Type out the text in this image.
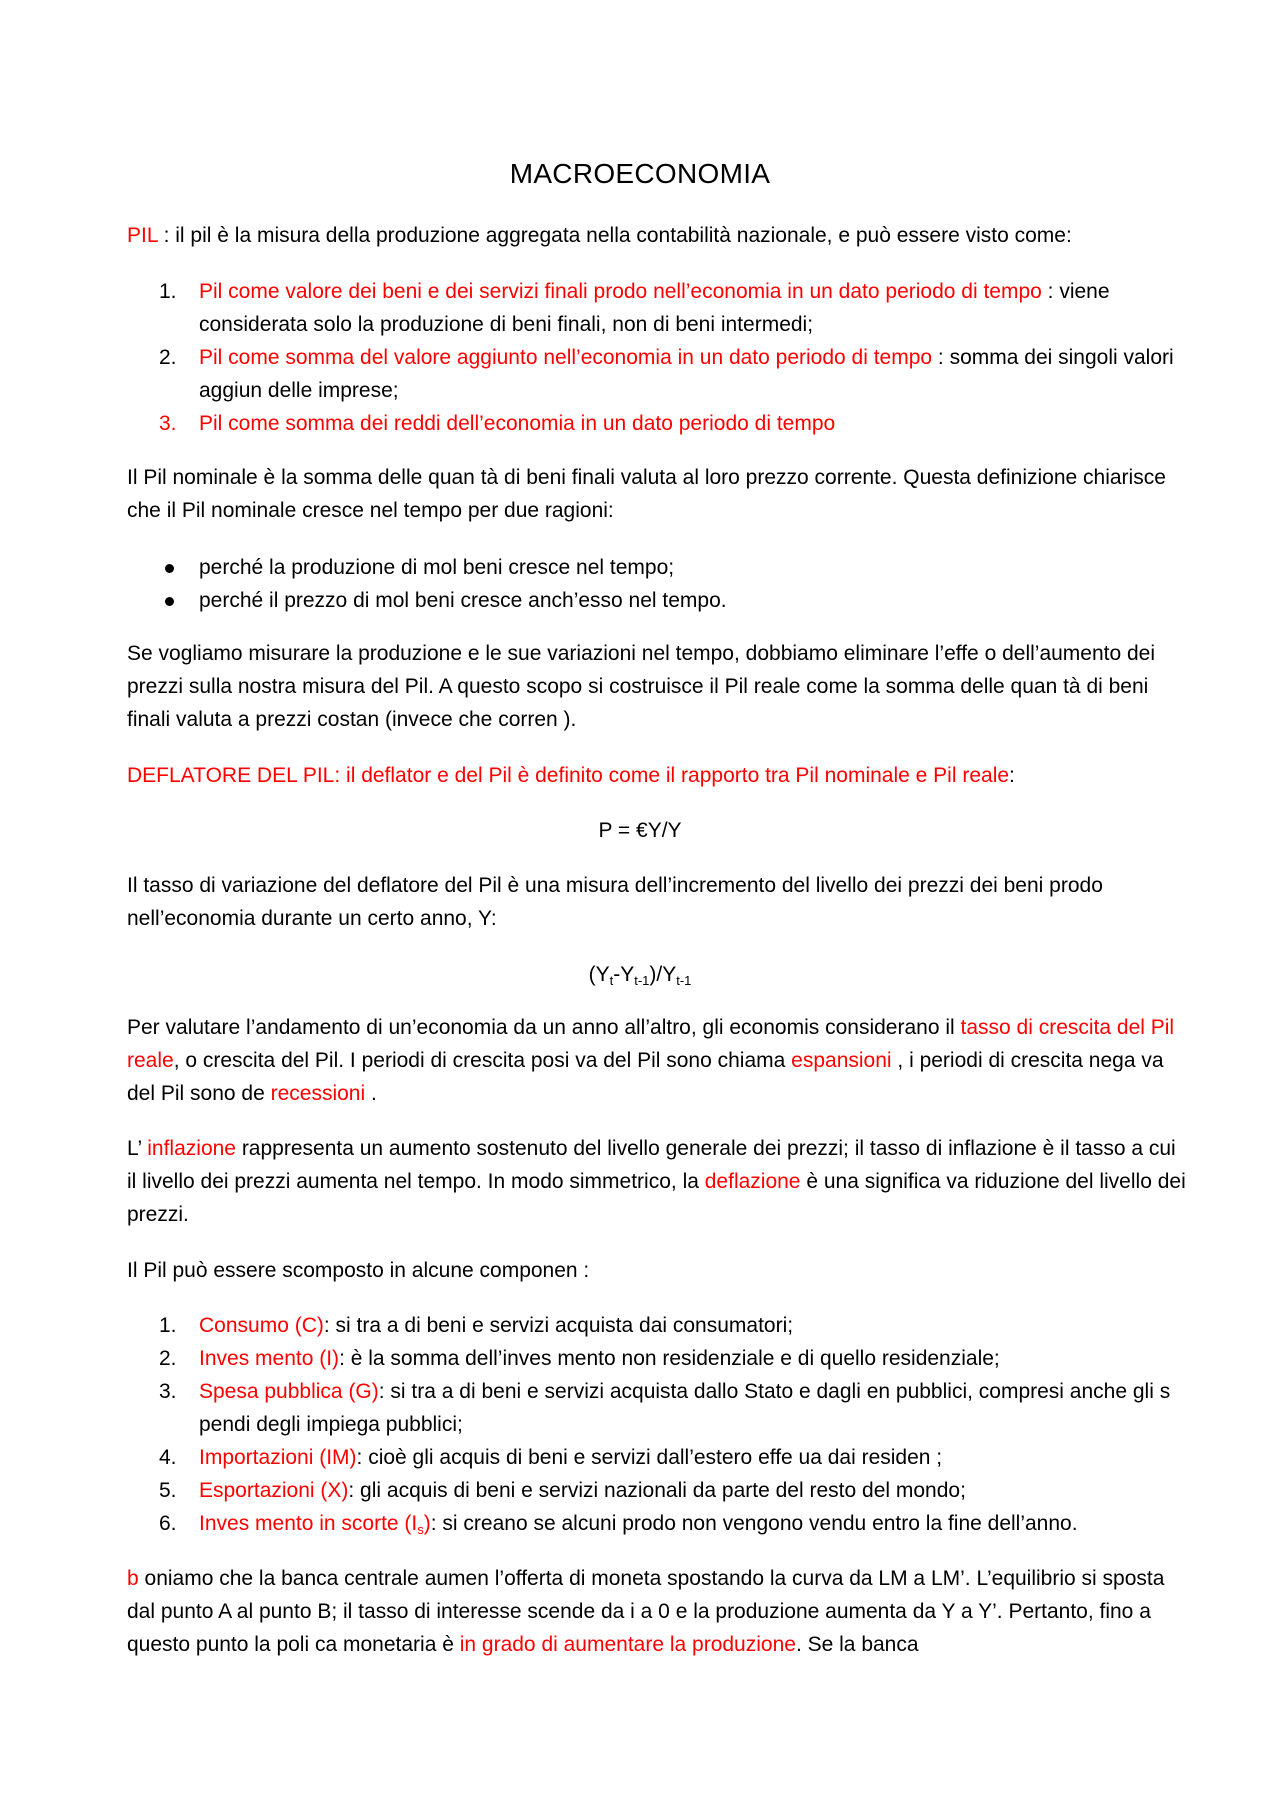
MACROECONOMIA

PIL : il pil è la misura della produzione aggregata nella contabilità nazionale, e può essere visto come:

1.	Pil come valore dei beni e dei servizi finali prodo nell’economia in un dato periodo di tempo : viene considerata solo la produzione di beni finali, non di beni intermedi;
2.	Pil come somma del valore aggiunto nell’economia in un dato periodo di tempo : somma dei singoli valori aggiun delle imprese;
3.	Pil come somma dei reddi dell’economia in un dato periodo di tempo

Il Pil nominale è la somma delle quan tà di beni finali valuta al loro prezzo corrente. Questa definizione chiarisce che il Pil nominale cresce nel tempo per due ragioni:

perché la produzione di mol beni cresce nel tempo;
perché il prezzo di mol beni cresce anch’esso nel tempo.

Se vogliamo misurare la produzione e le sue variazioni nel tempo, dobbiamo eliminare l’effe o dell’aumento dei prezzi sulla nostra misura del Pil. A questo scopo si costruisce il Pil reale come la somma delle quan tà di beni finali valuta a prezzi costan (invece che corren ).

DEFLATORE DEL PIL: il deflator e del Pil è definito come il rapporto tra Pil nominale e Pil reale:

P = €Y/Y

Il tasso di variazione del deflatore del Pil è una misura dell’incremento del livello dei prezzi dei beni prodo nell’economia durante un certo anno, Y:

$(Y_t-Y_{t-1})/Y_{t-1}$

Per valutare l’andamento di un’economia da un anno all’altro, gli economis considerano il tasso di crescita del Pil reale, o crescita del Pil. I periodi di crescita posi va del Pil sono chiama espansioni , i periodi di crescita nega va del Pil sono de recessioni .

L’ inflazione rappresenta un aumento sostenuto del livello generale dei prezzi; il tasso di inflazione è il tasso a cui il livello dei prezzi aumenta nel tempo. In modo simmetrico, la deflazione è una significa va riduzione del livello dei prezzi.

Il Pil può essere scomposto in alcune componen :

1.	Consumo (C): si tra a di beni e servizi acquista dai consumatori;
2.	Inves mento (I): è la somma dell’inves mento non residenziale e di quello residenziale;
3.	Spesa pubblica (G): si tra a di beni e servizi acquista dallo Stato e dagli en pubblici, compresi anche gli s pendi degli impiega pubblici;
4.	Importazioni (IM): cioè gli acquis di beni e servizi dall’estero effe ua dai residen ;
5.	Esportazioni (X): gli acquis di beni e servizi nazionali da parte del resto del mondo;
6.	Inves mento in scorte $(I_s)$: si creano se alcuni prodo non vengono vendu entro la fine dell’anno.

b oniamo che la banca centrale aumen l’offerta di moneta spostando la curva da LM a LM’. L’equilibrio si sposta dal punto A al punto B; il tasso di interesse scende da i a 0 e la produzione aumenta da Y a Y’. Pertanto, fino a questo punto la poli ca monetaria è in grado di aumentare la produzione. Se la banca
